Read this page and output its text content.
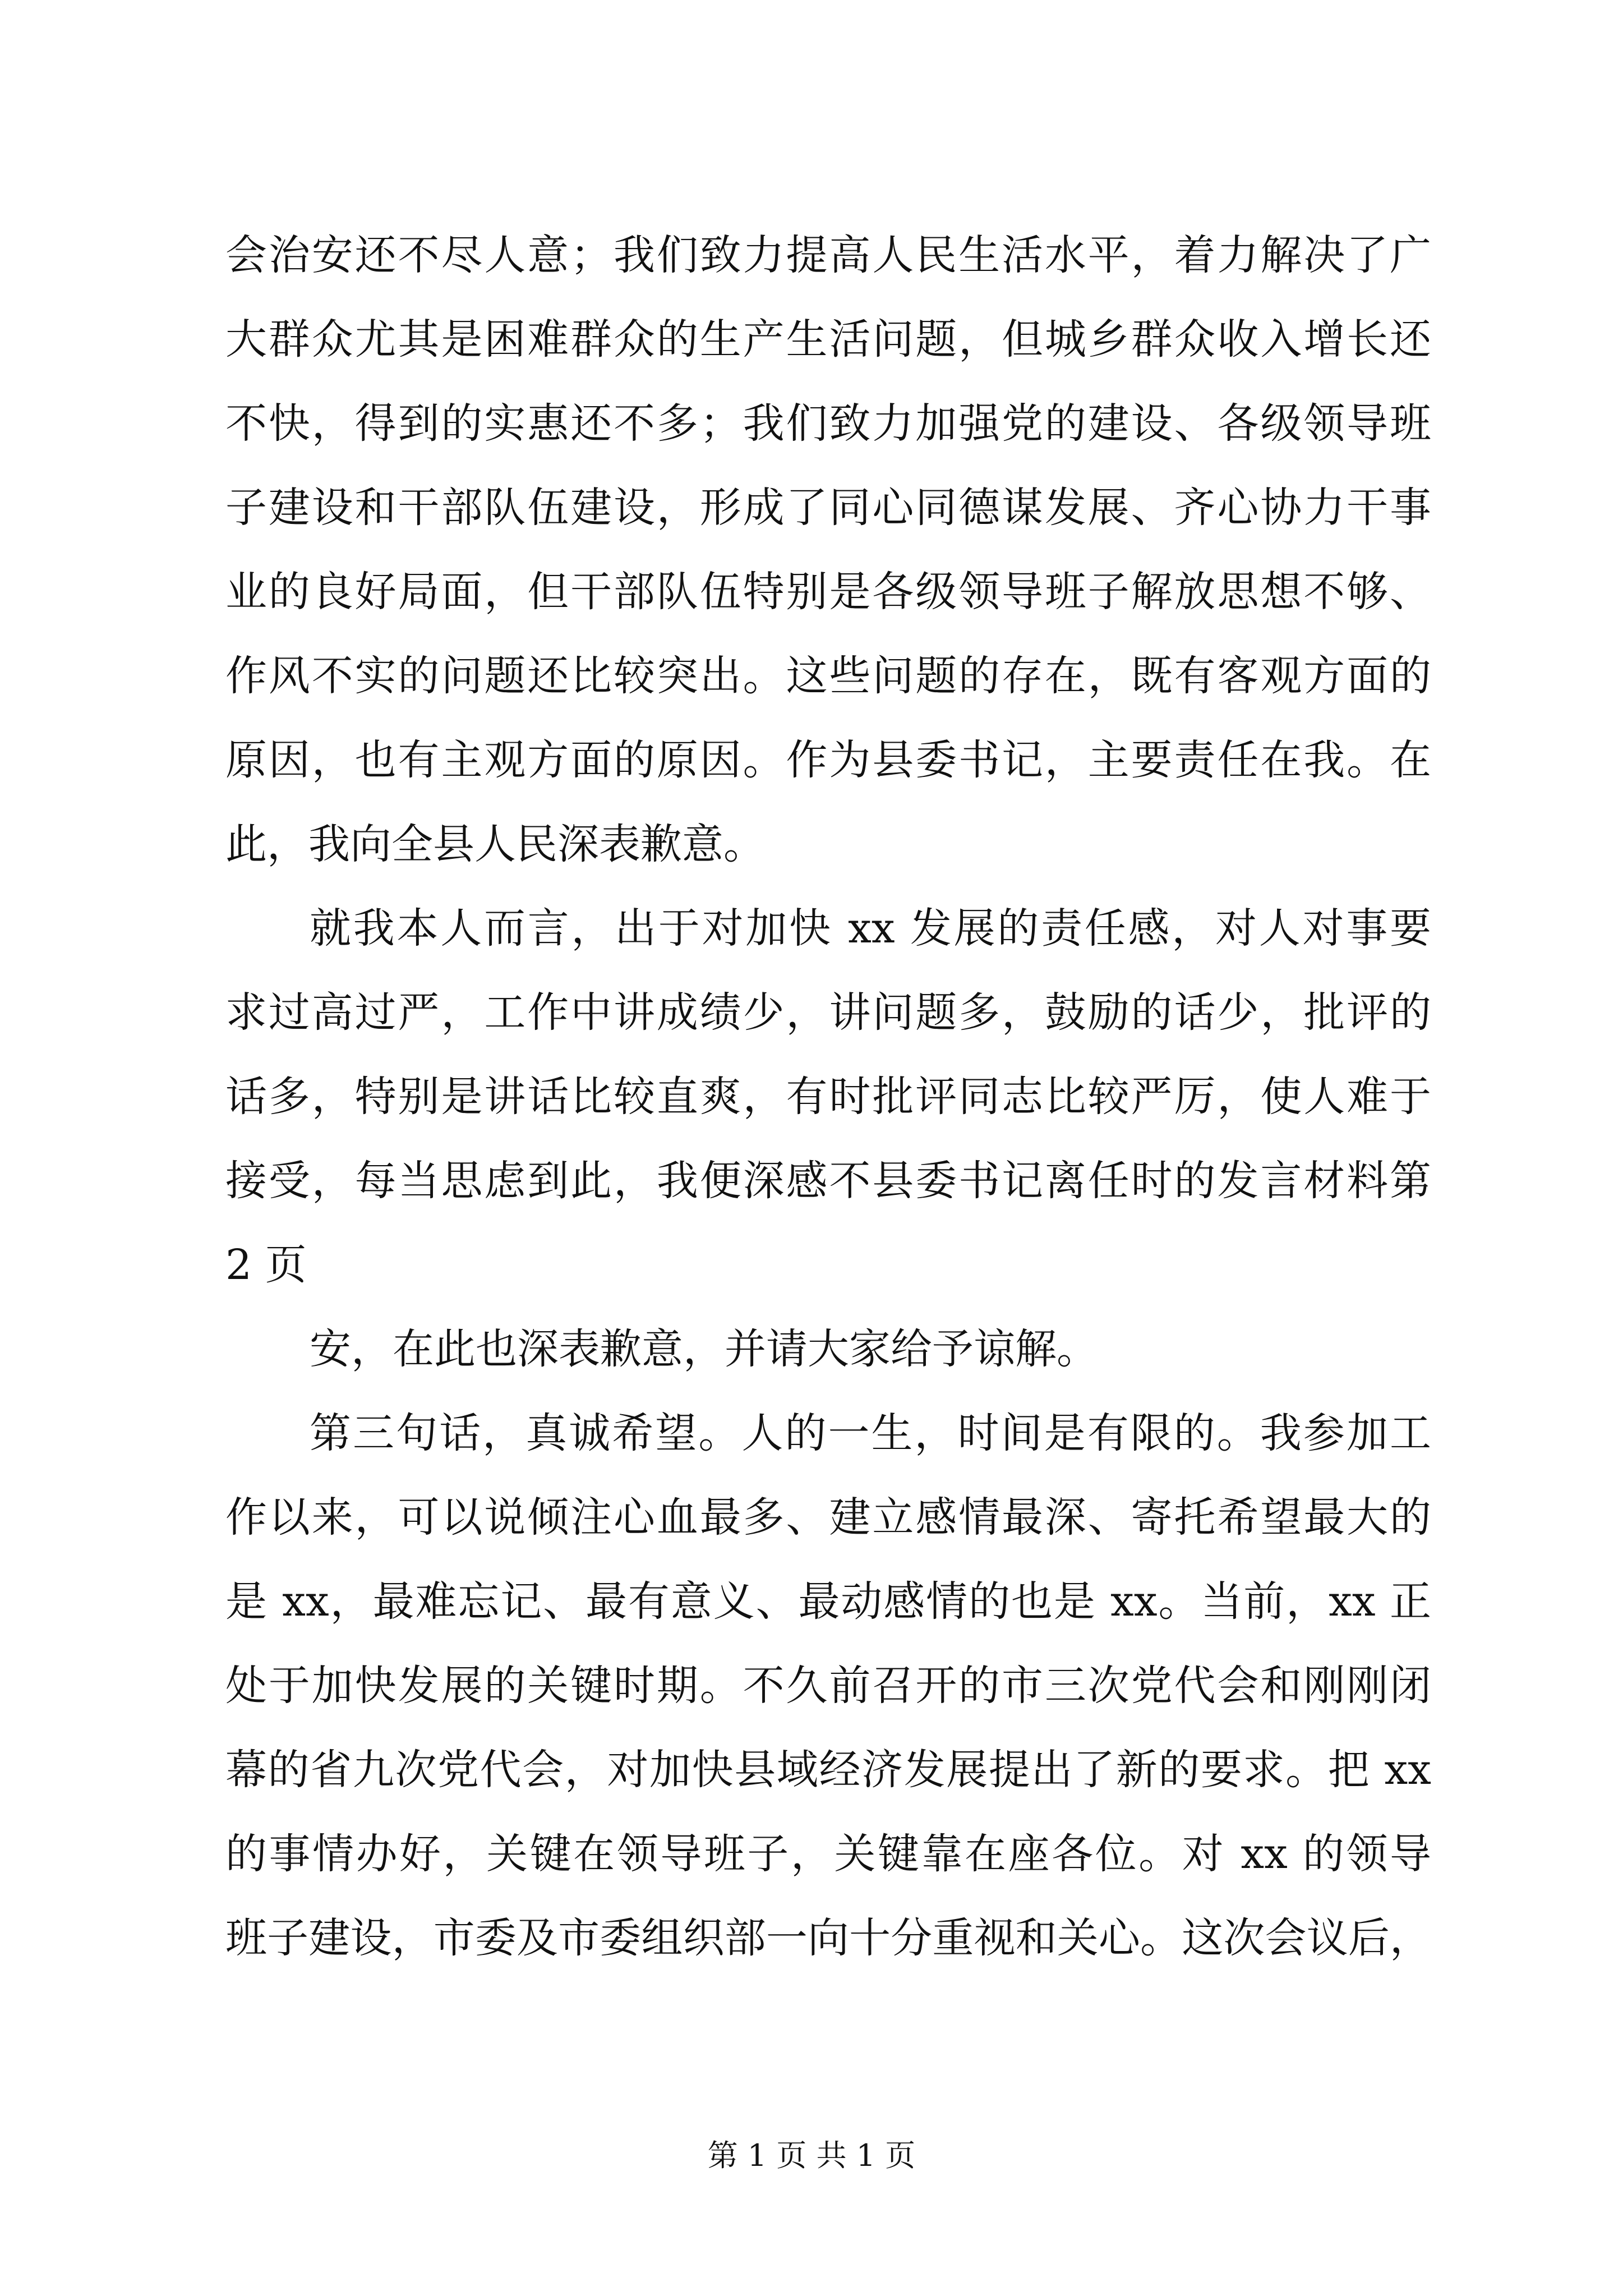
会治安还不尽人意；我们致力提高人民生活水平，着力解决了广
大群众尤其是困难群众的生产生活问题，但城乡群众收入增长还
不快，得到的实惠还不多；我们致力加强党的建设、各级领导班
子建设和干部队伍建设，形成了同心同德谋发展、齐心协力干事
业的良好局面，但干部队伍特别是各级领导班子解放思想不够、
作风不实的问题还比较突出。这些问题的存在，既有客观方面的
原因，也有主观方面的原因。作为县委书记，主要责任在我。在
此，我向全县人民深表歉意。
就我本人而言，出于对加快 xx 发展的责任感，对人对事要
求过高过严，工作中讲成绩少，讲问题多，鼓励的话少，批评的
话多，特别是讲话比较直爽，有时批评同志比较严厉，使人难于
接受，每当思虑到此，我便深感不县委书记离任时的发言材料第
2 页
安，在此也深表歉意，并请大家给予谅解。
第三句话，真诚希望。人的一生，时间是有限的。我参加工
作以来，可以说倾注心血最多、建立感情最深、寄托希望最大的
是 xx，最难忘记、最有意义、最动感情的也是 xx。当前，xx 正
处于加快发展的关键时期。不久前召开的市三次党代会和刚刚闭
幕的省九次党代会，对加快县域经济发展提出了新的要求。把 xx
的事情办好，关键在领导班子，关键靠在座各位。对 xx 的领导
班子建设，市委及市委组织部一向十分重视和关心。这次会议后，
第 1 页 共 1 页
